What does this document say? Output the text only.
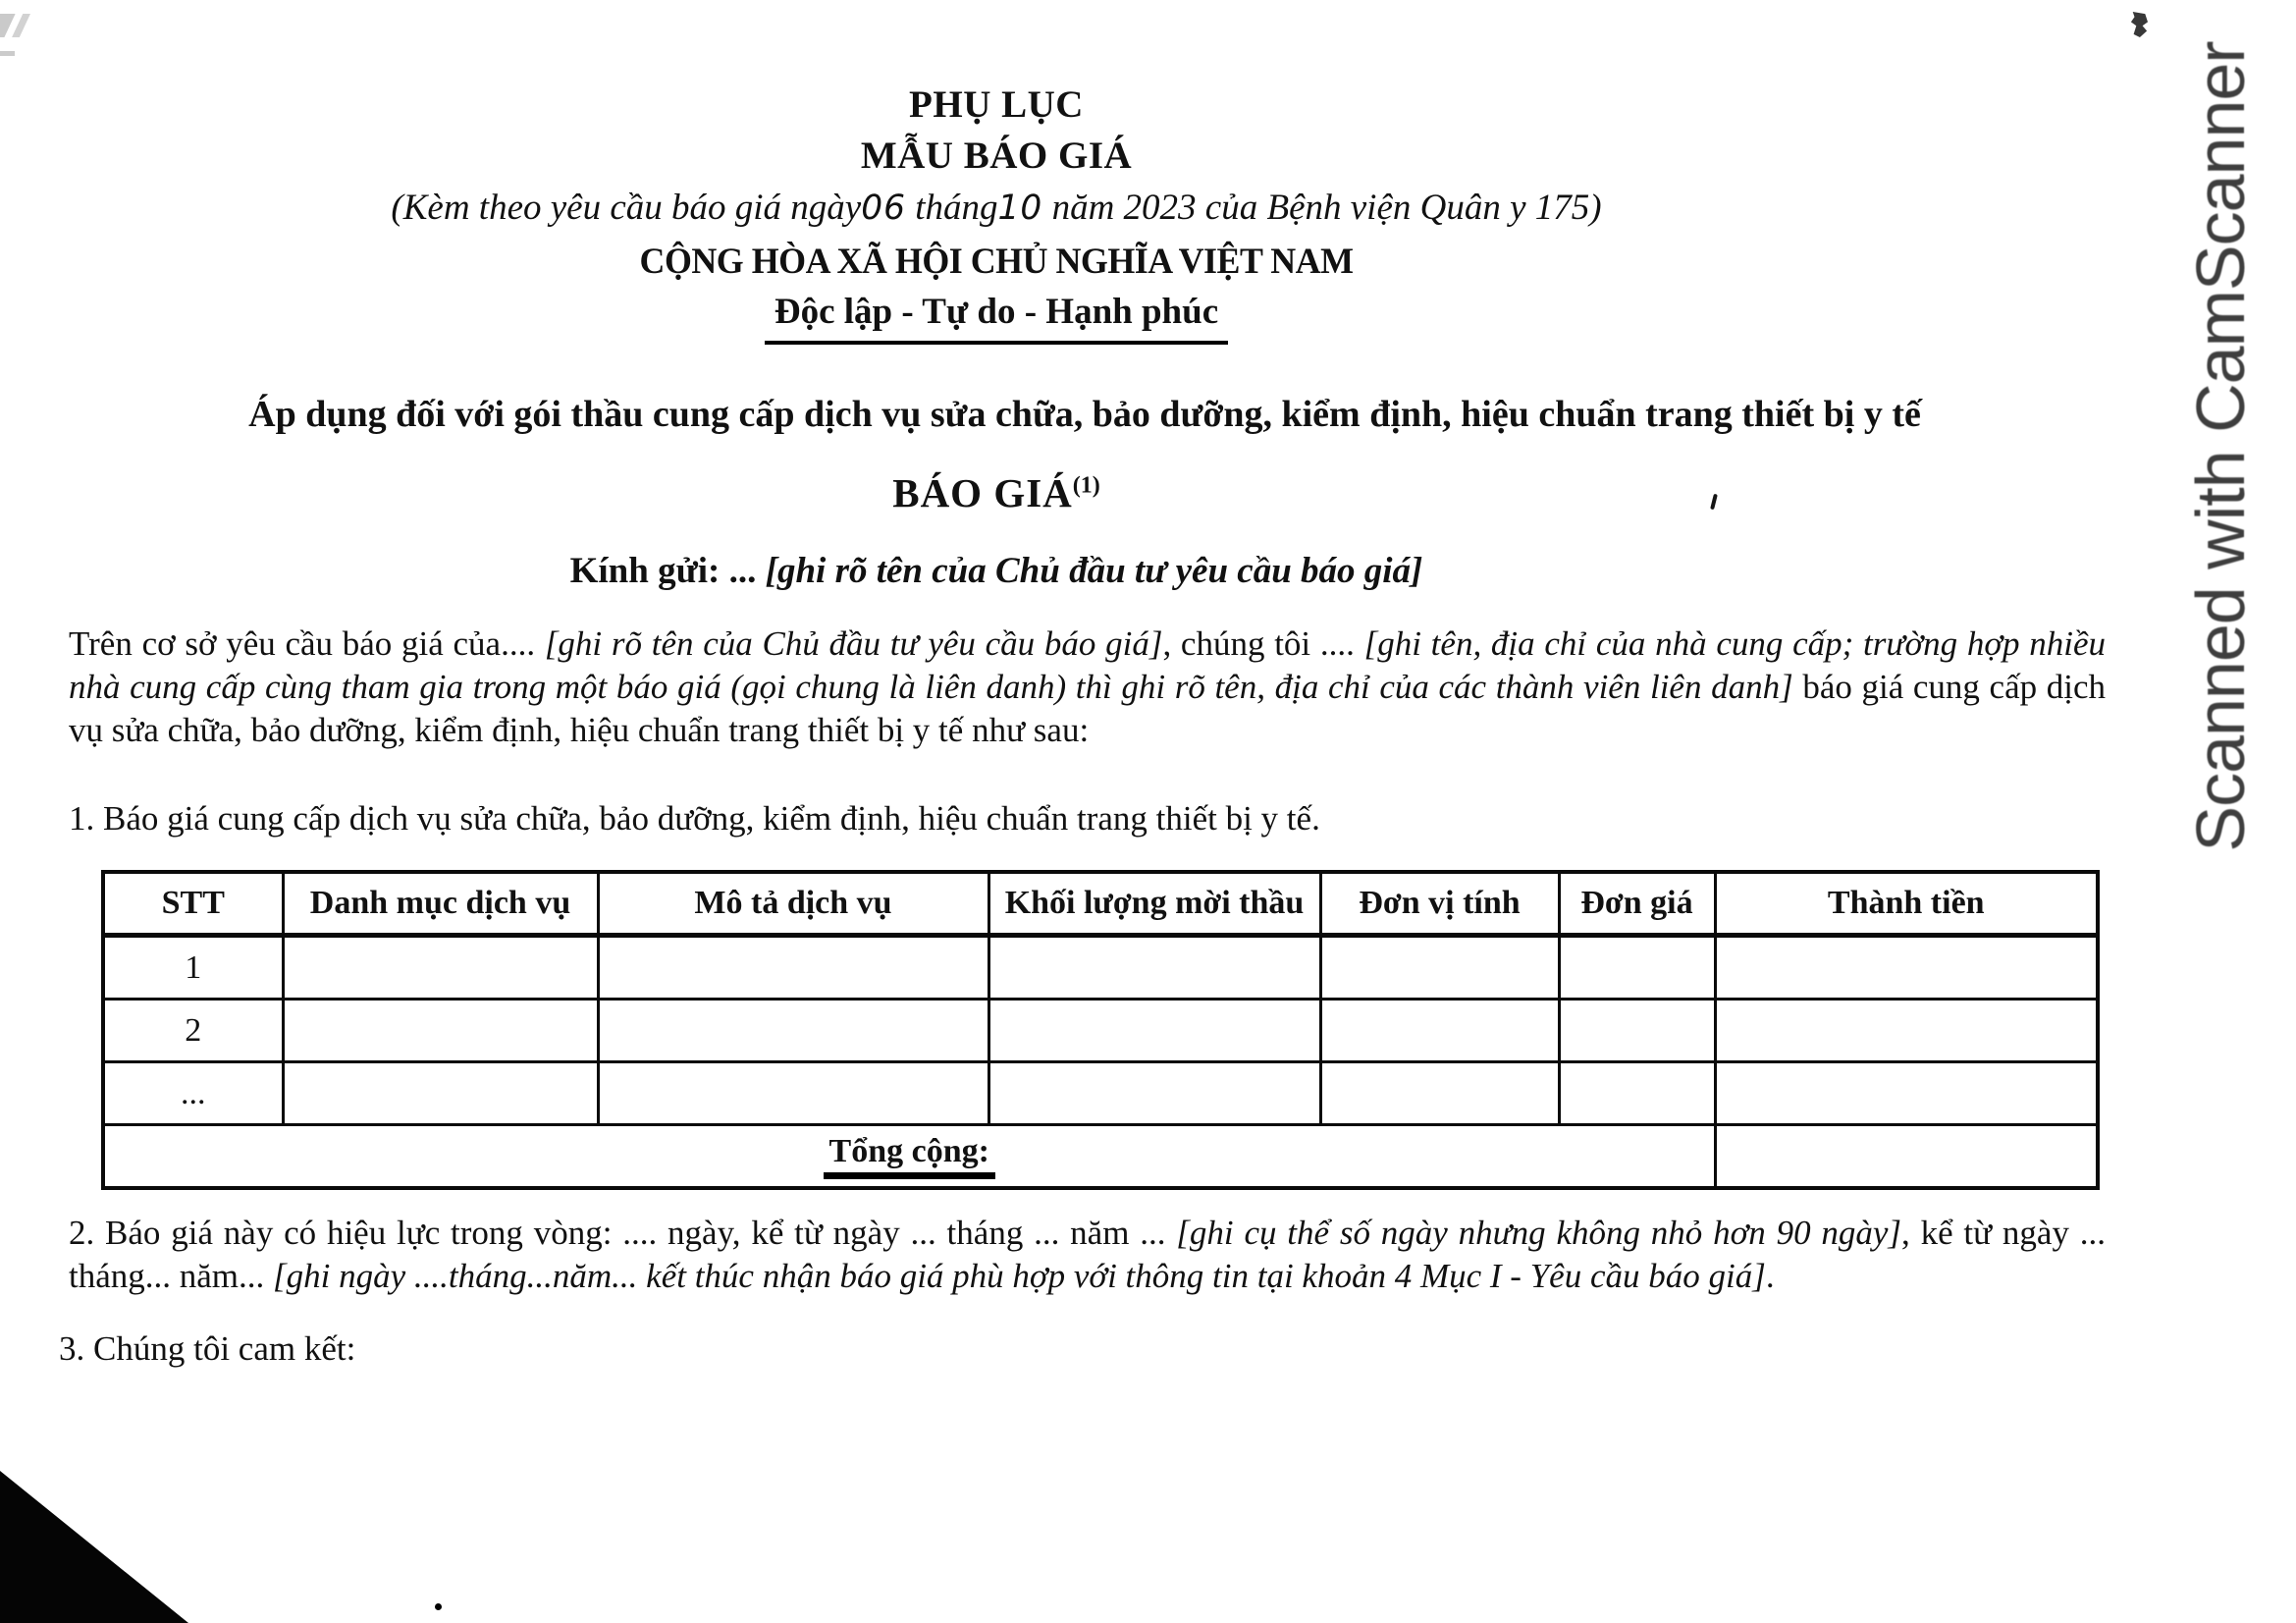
PHỤ LỤC
MẪU BÁO GIÁ
(Kèm theo yêu cầu báo giá ngày06 tháng10 năm 2023 của Bệnh viện Quân y 175)
CỘNG HÒA XÃ HỘI CHỦ NGHĨA VIỆT NAM
Độc lập - Tự do - Hạnh phúc
Áp dụng đối với gói thầu cung cấp dịch vụ sửa chữa, bảo dưỡng, kiểm định, hiệu chuẩn trang thiết bị y tế
BÁO GIÁ$^{(1)}$
Kính gửi: ... [ghi rõ tên của Chủ đầu tư yêu cầu báo giá]
Trên cơ sở yêu cầu báo giá của.... [ghi rõ tên của Chủ đầu tư yêu cầu báo giá], chúng tôi .... [ghi tên, địa chỉ của nhà cung cấp; trường hợp nhiều nhà cung cấp cùng tham gia trong một báo giá (gọi chung là liên danh) thì ghi rõ tên, địa chỉ của các thành viên liên danh] báo giá cung cấp dịch vụ sửa chữa, bảo dưỡng, kiểm định, hiệu chuẩn trang thiết bị y tế như sau:
1. Báo giá cung cấp dịch vụ sửa chữa, bảo dưỡng, kiểm định, hiệu chuẩn trang thiết bị y tế.
STT	Danh mục dịch vụ	Mô tả dịch vụ	Khối lượng mời thầu	Đơn vị tính	Đơn giá	Thành tiền
1						
2						
...						
Tổng cộng:						
2. Báo giá này có hiệu lực trong vòng: .... ngày, kể từ ngày ... tháng ... năm ... [ghi cụ thể số ngày nhưng không nhỏ hơn 90 ngày], kể từ ngày ... tháng... năm... [ghi ngày ....tháng...năm... kết thúc nhận báo giá phù hợp với thông tin tại khoản 4 Mục I - Yêu cầu báo giá].
3. Chúng tôi cam kết:
Scanned with CamScanner
